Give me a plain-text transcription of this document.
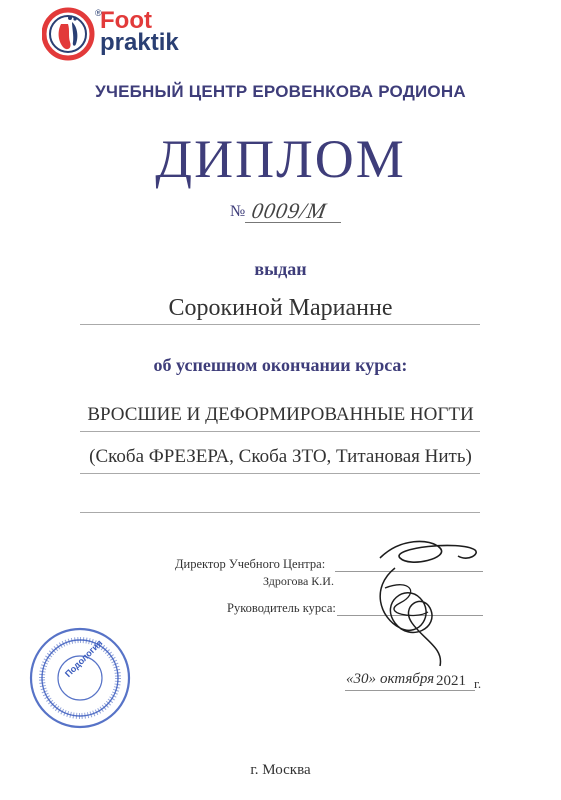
®
Foot
praktik
УЧЕБНЫЙ ЦЕНТР ЕРОВЕНКОВА РОДИОНА
ДИПЛОМ
№ 0009/М
выдан
Сорокиной Марианне
об успешном окончании курса:
ВРОСШИЕ И ДЕФОРМИРОВАННЫЕ НОГТИ
(Скоба ФРЕЗЕРА, Скоба ЗТО, Титановая Нить)
Директор Учебного Центра:
Здрогова К.И.
Руководитель курса:
«30» октября 2021 г.
г. Москва
Подология
